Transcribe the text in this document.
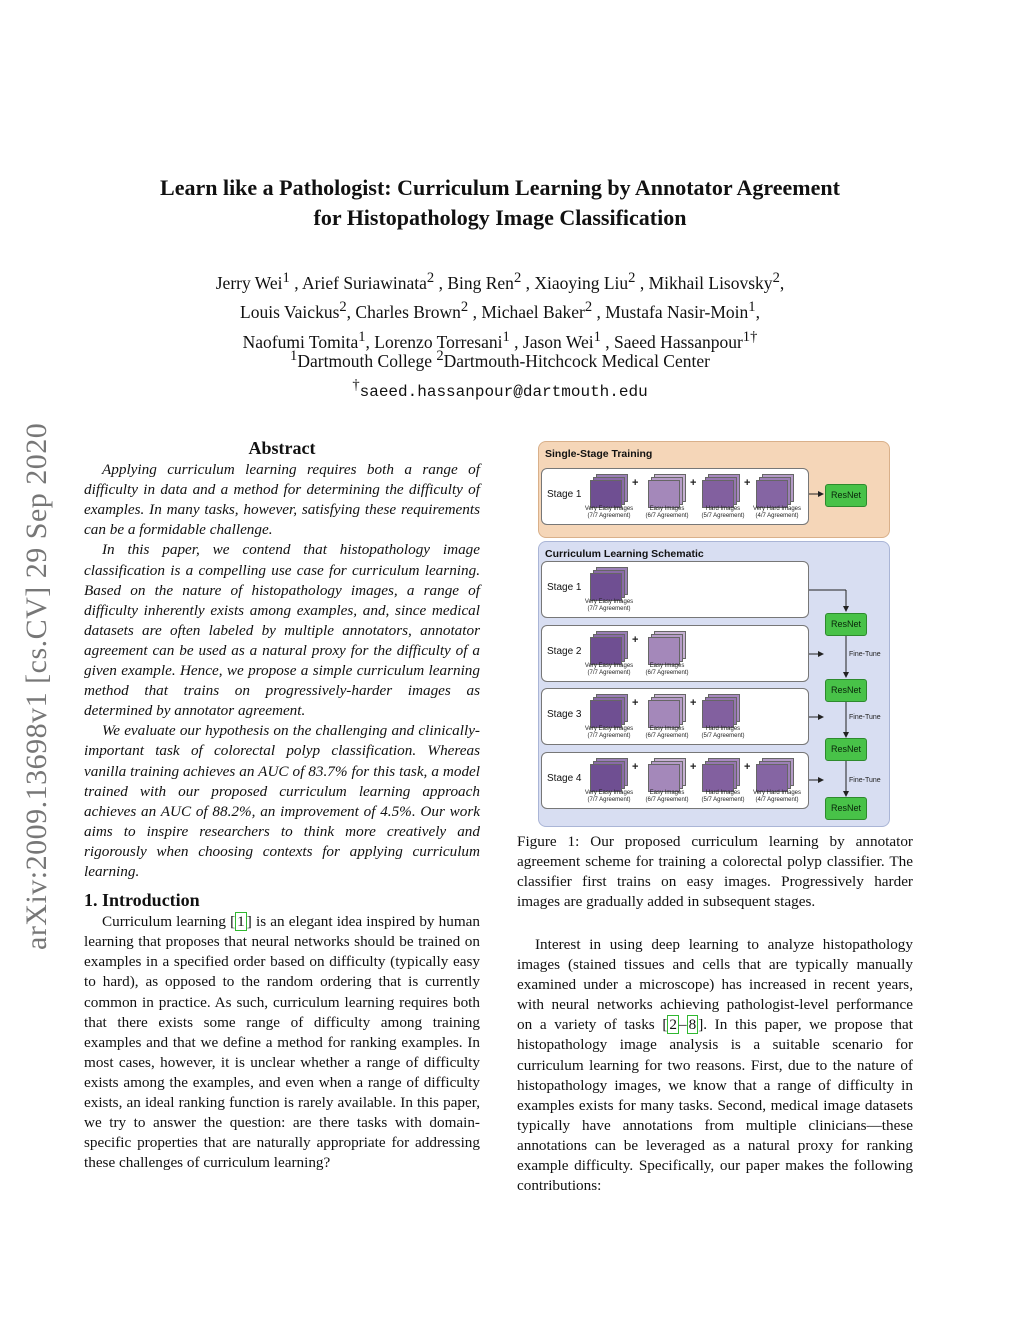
arXiv:2009.13698v1 [cs.CV] 29 Sep 2020
Learn like a Pathologist: Curriculum Learning by Annotator Agreement
for Histopathology Image Classification
Jerry Wei$^1$ , Arief Suriawinata$^2$ , Bing Ren$^2$ , Xiaoying Liu$^2$ , Mikhail Lisovsky$^2$,
Louis Vaickus$^2$, Charles Brown$^2$ , Michael Baker$^2$ , Mustafa Nasir-Moin$^1$,
Naofumi Tomita$^1$, Lorenzo Torresani$^1$ , Jason Wei$^1$ , Saeed Hassanpour$^{1\dagger}$
$^1$Dartmouth College $^2$Dartmouth-Hitchcock Medical Center
†saeed.hassanpour@dartmouth.edu
Abstract

Applying curriculum learning requires both a range of difficulty in data and a method for determining the difficulty of examples. In many tasks, however, satisfying these requirements can be a formidable challenge.

In this paper, we contend that histopathology image classification is a compelling use case for curriculum learning. Based on the nature of histopathology images, a range of difficulty inherently exists among examples, and, since medical datasets are often labeled by multiple annotators, annotator agreement can be used as a natural proxy for the difficulty of a given example. Hence, we propose a simple curriculum learning method that trains on progressively-harder images as determined by annotator agreement.

We evaluate our hypothesis on the challenging and clinically-important task of colorectal polyp classification. Whereas vanilla training achieves an AUC of 83.7% for this task, a model trained with our proposed curriculum learning approach achieves an AUC of 88.2%, an improvement of 4.5%. Our work aims to inspire researchers to think more creatively and rigorously when choosing contexts for applying curriculum learning.

1. Introduction

Curriculum learning [ 1 ] is an elegant idea inspired by human learning that proposes that neural networks should be trained on examples in a specified order based on difficulty (typically easy to hard), as opposed to the random ordering that is currently common in practice. As such, curriculum learning requires both that there exists some range of difficulty among training examples and that we define a method for ranking examples. In most cases, however, it is unclear whether a range of difficulty exists among the examples, and even when a range of difficulty exists, an ideal ranking function is rarely available. In this paper, we try to answer the question: are there tasks with domain-specific properties that are naturally appropriate for addressing these challenges of curriculum learning?

Single-Stage Training
Curriculum Learning Schematic
Stage 1
Very Easy Images
(7/7 Agreement)
+
Easy Images
(6/7 Agreement)
+
Hard Images
(5/7 Agreement)
+
Very Hard Images
(4/7 Agreement)
ResNet
Stage 1
Very Easy Images
(7/7 Agreement)
ResNet
Fine-Tune
Stage 2
Very Easy Images
(7/7 Agreement)
+
Easy Images
(6/7 Agreement)
ResNet
Fine-Tune
Stage 3
Very Easy Images
(7/7 Agreement)
+
Easy Images
(6/7 Agreement)
+
Hard Images
(5/7 Agreement)
ResNet
Fine-Tune
Stage 4
Very Easy Images
(7/7 Agreement)
+
Easy Images
(6/7 Agreement)
+
Hard Images
(5/7 Agreement)
+
Very Hard Images
(4/7 Agreement)
ResNet
Figure 1: Our proposed curriculum learning by annotator agreement scheme for training a colorectal polyp classifier. The classifier first trains on easy images. Progressively harder images are gradually added in subsequent stages.

Interest in using deep learning to analyze histopathology images (stained tissues and cells that are typically manually examined under a microscope) has increased in recent years, with neural networks achieving pathologist-level performance on a variety of tasks [ 2 – 8 ]. In this paper, we propose that histopathology image analysis is a suitable scenario for curriculum learning for two reasons. First, due to the nature of histopathology images, we know that a range of difficulty in examples exists for many tasks. Second, medical image datasets typically have annotations from multiple clinicians—these annotations can be leveraged as a natural proxy for ranking example difficulty. Specifically, our paper makes the following contributions:
